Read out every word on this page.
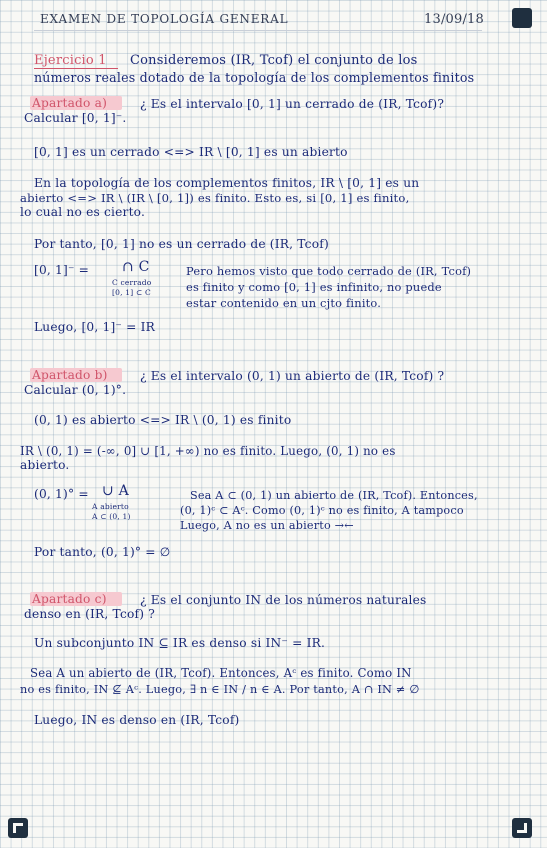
EXAMEN DE TOPOLOGÍA GENERAL	13/09/18
Ejercicio 1 Consideremos (IR, Tcof) el conjunto de los
números reales dotado de la topología de los complementos finitos
Apartado a)	¿ Es el intervalo [0, 1] un cerrado de (IR, Tcof)?
Calcular [0, 1]⁻.
[0, 1] es un cerrado <=> IR \ [0, 1] es un abierto
En la topología de los complementos finitos, IR \ [0, 1] es un
abierto <=> IR \ (IR \ [0, 1]) es finito. Esto es, si [0, 1] es finito,
lo cual no es cierto.
Por tanto, [0, 1] no es un cerrado de (IR, Tcof)
[0, 1]⁻ = ∩ C
C cerrado
[0, 1] ⊂ C
Pero hemos visto que todo cerrado de (IR, Tcof)
es finito y como [0, 1] es infinito, no puede
estar contenido en un cjto finito.
Luego, [0, 1]⁻ = IR
Apartado b)	¿ Es el intervalo (0, 1) un abierto de (IR, Tcof) ?
Calcular (0, 1)°.
(0, 1) es abierto <=> IR \ (0, 1) es finito
IR \ (0, 1) = (-∞, 0] ∪ [1, +∞) no es finito. Luego, (0, 1) no es
abierto.
(0, 1)° = ∪ A
A abierto
A ⊂ (0, 1)
Sea A ⊂ (0, 1) un abierto de (IR, Tcof). Entonces,
(0, 1)ᶜ ⊂ Aᶜ. Como (0, 1)ᶜ no es finito, A tampoco
Luego, A no es un abierto →←
Por tanto, (0, 1)° = ∅
Apartado c)	¿ Es el conjunto IN de los números naturales
denso en (IR, Tcof) ?
Un subconjunto IN ⊆ IR es denso si IN⁻ = IR.
Sea A un abierto de (IR, Tcof). Entonces, Aᶜ es finito. Como IN
no es finito, IN ⊈ Aᶜ. Luego, ∃ n ∈ IN / n ∈ A. Por tanto, A ∩ IN ≠ ∅
Luego, IN es denso en (IR, Tcof)
